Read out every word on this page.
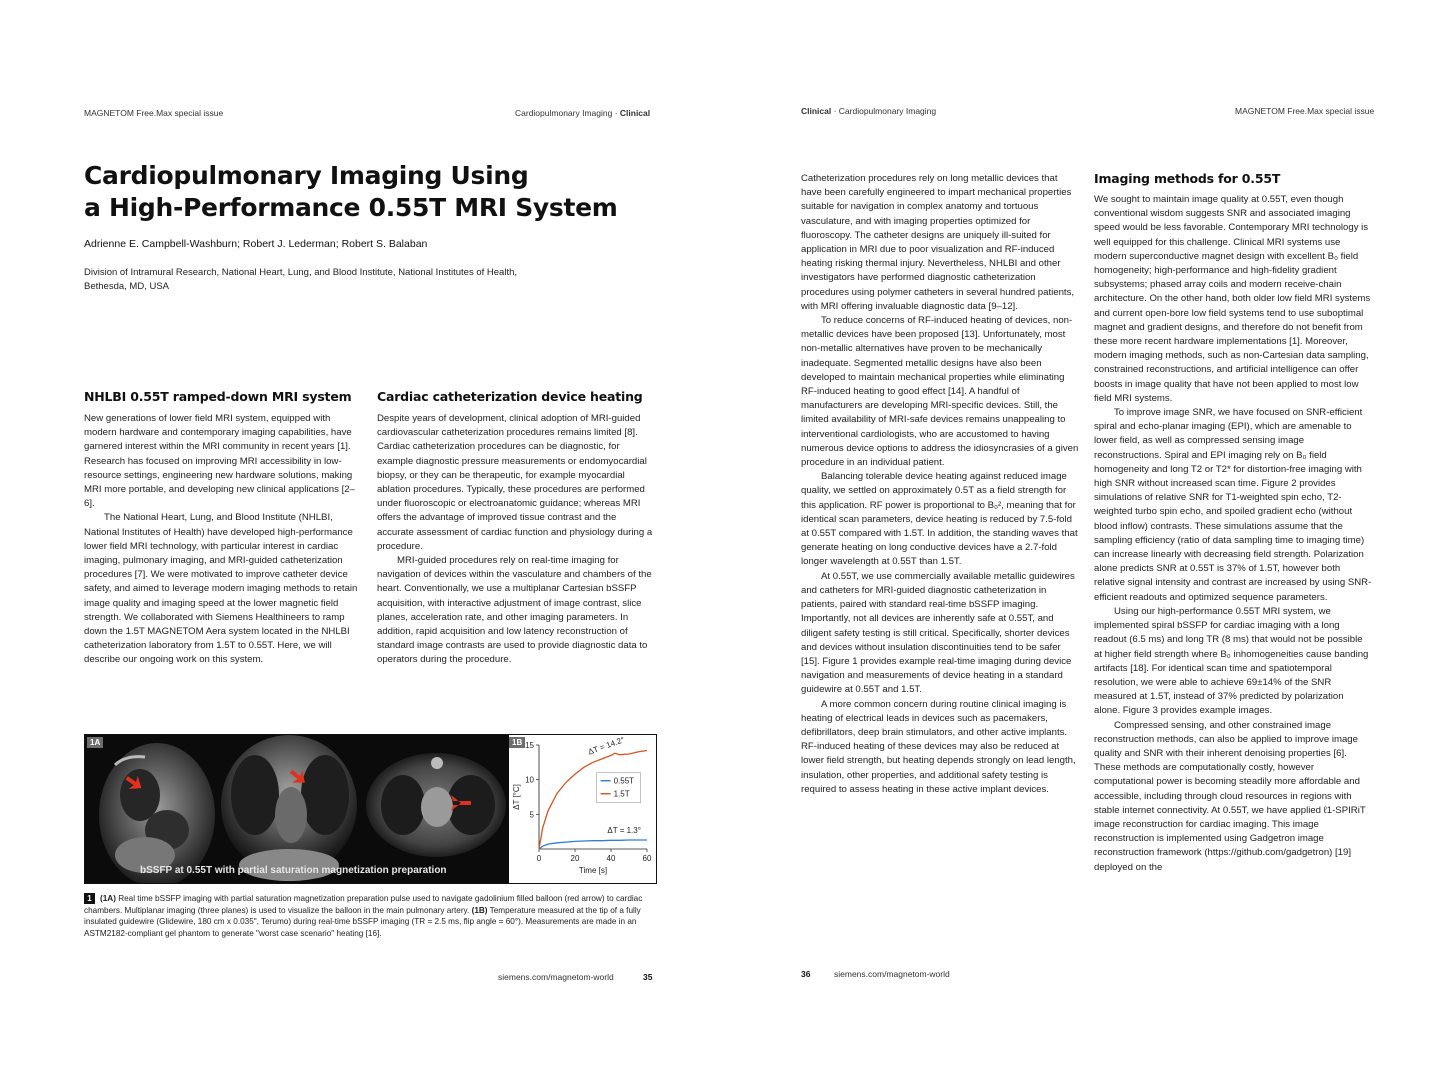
MAGNETOM Free.Max special issue	Cardiopulmonary Imaging · Clinical
Cardiopulmonary Imaging Using
a High-Performance 0.55T MRI System
Adrienne E. Campbell-Washburn; Robert J. Lederman; Robert S. Balaban
Division of Intramural Research, National Heart, Lung, and Blood Institute, National Institutes of Health,
Bethesda, MD, USA
NHLBI 0.55T ramped-down MRI system

New generations of lower field MRI system, equipped with modern hardware and contemporary imaging capabilities, have garnered interest within the MRI community in recent years [1]. Research has focused on improving MRI accessibility in low-resource settings, engineering new hardware solutions, making MRI more portable, and developing new clinical applications [2–6].

The National Heart, Lung, and Blood Institute (NHLBI, National Institutes of Health) have developed high-performance lower field MRI technology, with particular interest in cardiac imaging, pulmonary imaging, and MRI-guided catheterization procedures [7]. We were motivated to improve catheter device safety, and aimed to leverage modern imaging methods to retain image quality and imaging speed at the lower magnetic field strength. We collaborated with Siemens Healthineers to ramp down the 1.5T MAGNETOM Aera system located in the NHLBI catheterization laboratory from 1.5T to 0.55T. Here, we will describe our ongoing work on this system.

Cardiac catheterization device heating

Despite years of development, clinical adoption of MRI-guided cardiovascular catheterization procedures remains limited [8]. Cardiac catheterization procedures can be diagnostic, for example diagnostic pressure measurements or endomyocardial biopsy, or they can be therapeutic, for example myocardial ablation procedures. Typically, these procedures are performed under fluoroscopic or electroanatomic guidance; whereas MRI offers the advantage of improved tissue contrast and the accurate assessment of cardiac function and physiology during a procedure.

MRI-guided procedures rely on real-time imaging for navigation of devices within the vasculature and chambers of the heart. Conventionally, we use a multiplanar Cartesian bSSFP acquisition, with interactive adjustment of image contrast, slice planes, acceleration rate, and other imaging parameters. In addition, rapid acquisition and low latency reconstruction of standard image contrasts are used to provide diagnostic data to operators during the procedure.

1A
bSSFP at 0.55T with partial saturation magnetization preparation
1B
0	20	40	60
5
10
15
Time [s]
ΔT [°C]
0.55T
1.5T
ΔT = 14.2°
ΔT = 1.3°
1 (1A) Real time bSSFP imaging with partial saturation magnetization preparation pulse used to navigate gadolinium filled balloon (red arrow) to cardiac chambers. Multiplanar imaging (three planes) is used to visualize the balloon in the main pulmonary artery. (1B) Temperature measured at the tip of a fully insulated guidewire (Glidewire, 180 cm x 0.035", Terumo) during real-time bSSFP imaging (TR = 2.5 ms, flip angle = 60°). Measurements are made in an ASTM2182-compliant gel phantom to generate "worst case scenario" heating [16].
siemens.com/magnetom-world	35
Clinical · Cardiopulmonary Imaging	MAGNETOM Free.Max special issue

Catheterization procedures rely on long metallic devices that have been carefully engineered to impart mechanical properties suitable for navigation in complex anatomy and tortuous vasculature, and with imaging properties optimized for fluoroscopy. The catheter designs are uniquely ill-suited for application in MRI due to poor visualization and RF-induced heating risking thermal injury. Nevertheless, NHLBI and other investigators have performed diagnostic catheterization procedures using polymer catheters in several hundred patients, with MRI offering invaluable diagnostic data [9–12].

To reduce concerns of RF-induced heating of devices, non-metallic devices have been proposed [13]. Unfortunately, most non-metallic alternatives have proven to be mechanically inadequate. Segmented metallic designs have also been developed to maintain mechanical properties while eliminating RF-induced heating to good effect [14]. A handful of manufacturers are developing MRI-specific devices. Still, the limited availability of MRI-safe devices remains unappealing to interventional cardiologists, who are accustomed to having numerous device options to address the idiosyncrasies of a given procedure in an individual patient.

Balancing tolerable device heating against reduced image quality, we settled on approximately 0.5T as a field strength for this application. RF power is proportional to B₀², meaning that for identical scan parameters, device heating is reduced by 7.5-fold at 0.55T compared with 1.5T. In addition, the standing waves that generate heating on long conductive devices have a 2.7-fold longer wavelength at 0.55T than 1.5T.

At 0.55T, we use commercially available metallic guidewires and catheters for MRI-guided diagnostic catheterization in patients, paired with standard real-time bSSFP imaging. Importantly, not all devices are inherently safe at 0.55T, and diligent safety testing is still critical. Specifically, shorter devices and devices without insulation discontinuities tend to be safer [15]. Figure 1 provides example real-time imaging during device navigation and measurements of device heating in a standard guidewire at 0.55T and 1.5T.

A more common concern during routine clinical imaging is heating of electrical leads in devices such as pacemakers, defibrillators, deep brain stimulators, and other active implants. RF-induced heating of these devices may also be reduced at lower field strength, but heating depends strongly on lead length, insulation, other properties, and additional safety testing is required to assess heating in these active implant devices.

Imaging methods for 0.55T

We sought to maintain image quality at 0.55T, even though conventional wisdom suggests SNR and associated imaging speed would be less favorable. Contemporary MRI technology is well equipped for this challenge. Clinical MRI systems use modern superconductive magnet design with excellent B₀ field homogeneity; high-performance and high-fidelity gradient subsystems; phased array coils and modern receive-chain architecture. On the other hand, both older low field MRI systems and current open-bore low field systems tend to use suboptimal magnet and gradient designs, and therefore do not benefit from these more recent hardware implementations [1]. Moreover, modern imaging methods, such as non-Cartesian data sampling, constrained reconstructions, and artificial intelligence can offer boosts in image quality that have not been applied to most low field MRI systems.

To improve image SNR, we have focused on SNR-efficient spiral and echo-planar imaging (EPI), which are amenable to lower field, as well as compressed sensing image reconstructions. Spiral and EPI imaging rely on B₀ field homogeneity and long T2 or T2* for distortion-free imaging with high SNR without increased scan time. Figure 2 provides simulations of relative SNR for T1-weighted spin echo, T2-weighted turbo spin echo, and spoiled gradient echo (without blood inflow) contrasts. These simulations assume that the sampling efficiency (ratio of data sampling time to imaging time) can increase linearly with decreasing field strength. Polarization alone predicts SNR at 0.55T is 37% of 1.5T, however both relative signal intensity and contrast are increased by using SNR-efficient readouts and optimized sequence parameters.

Using our high-performance 0.55T MRI system, we implemented spiral bSSFP for cardiac imaging with a long readout (6.5 ms) and long TR (8 ms) that would not be possible at higher field strength where B₀ inhomogeneities cause banding artifacts [18]. For identical scan time and spatiotemporal resolution, we were able to achieve 69±14% of the SNR measured at 1.5T, instead of 37% predicted by polarization alone. Figure 3 provides example images.

Compressed sensing, and other constrained image reconstruction methods, can also be applied to improve image quality and SNR with their inherent denoising properties [6]. These methods are computationally costly, however computational power is becoming steadily more affordable and accessible, including through cloud resources in regions with stable internet connectivity. At 0.55T, we have applied ℓ1-SPIRiT image reconstruction for cardiac imaging. This image reconstruction is implemented using Gadgetron image reconstruction framework (https://github.com/gadgetron) [19] deployed on the

36	siemens.com/magnetom-world
